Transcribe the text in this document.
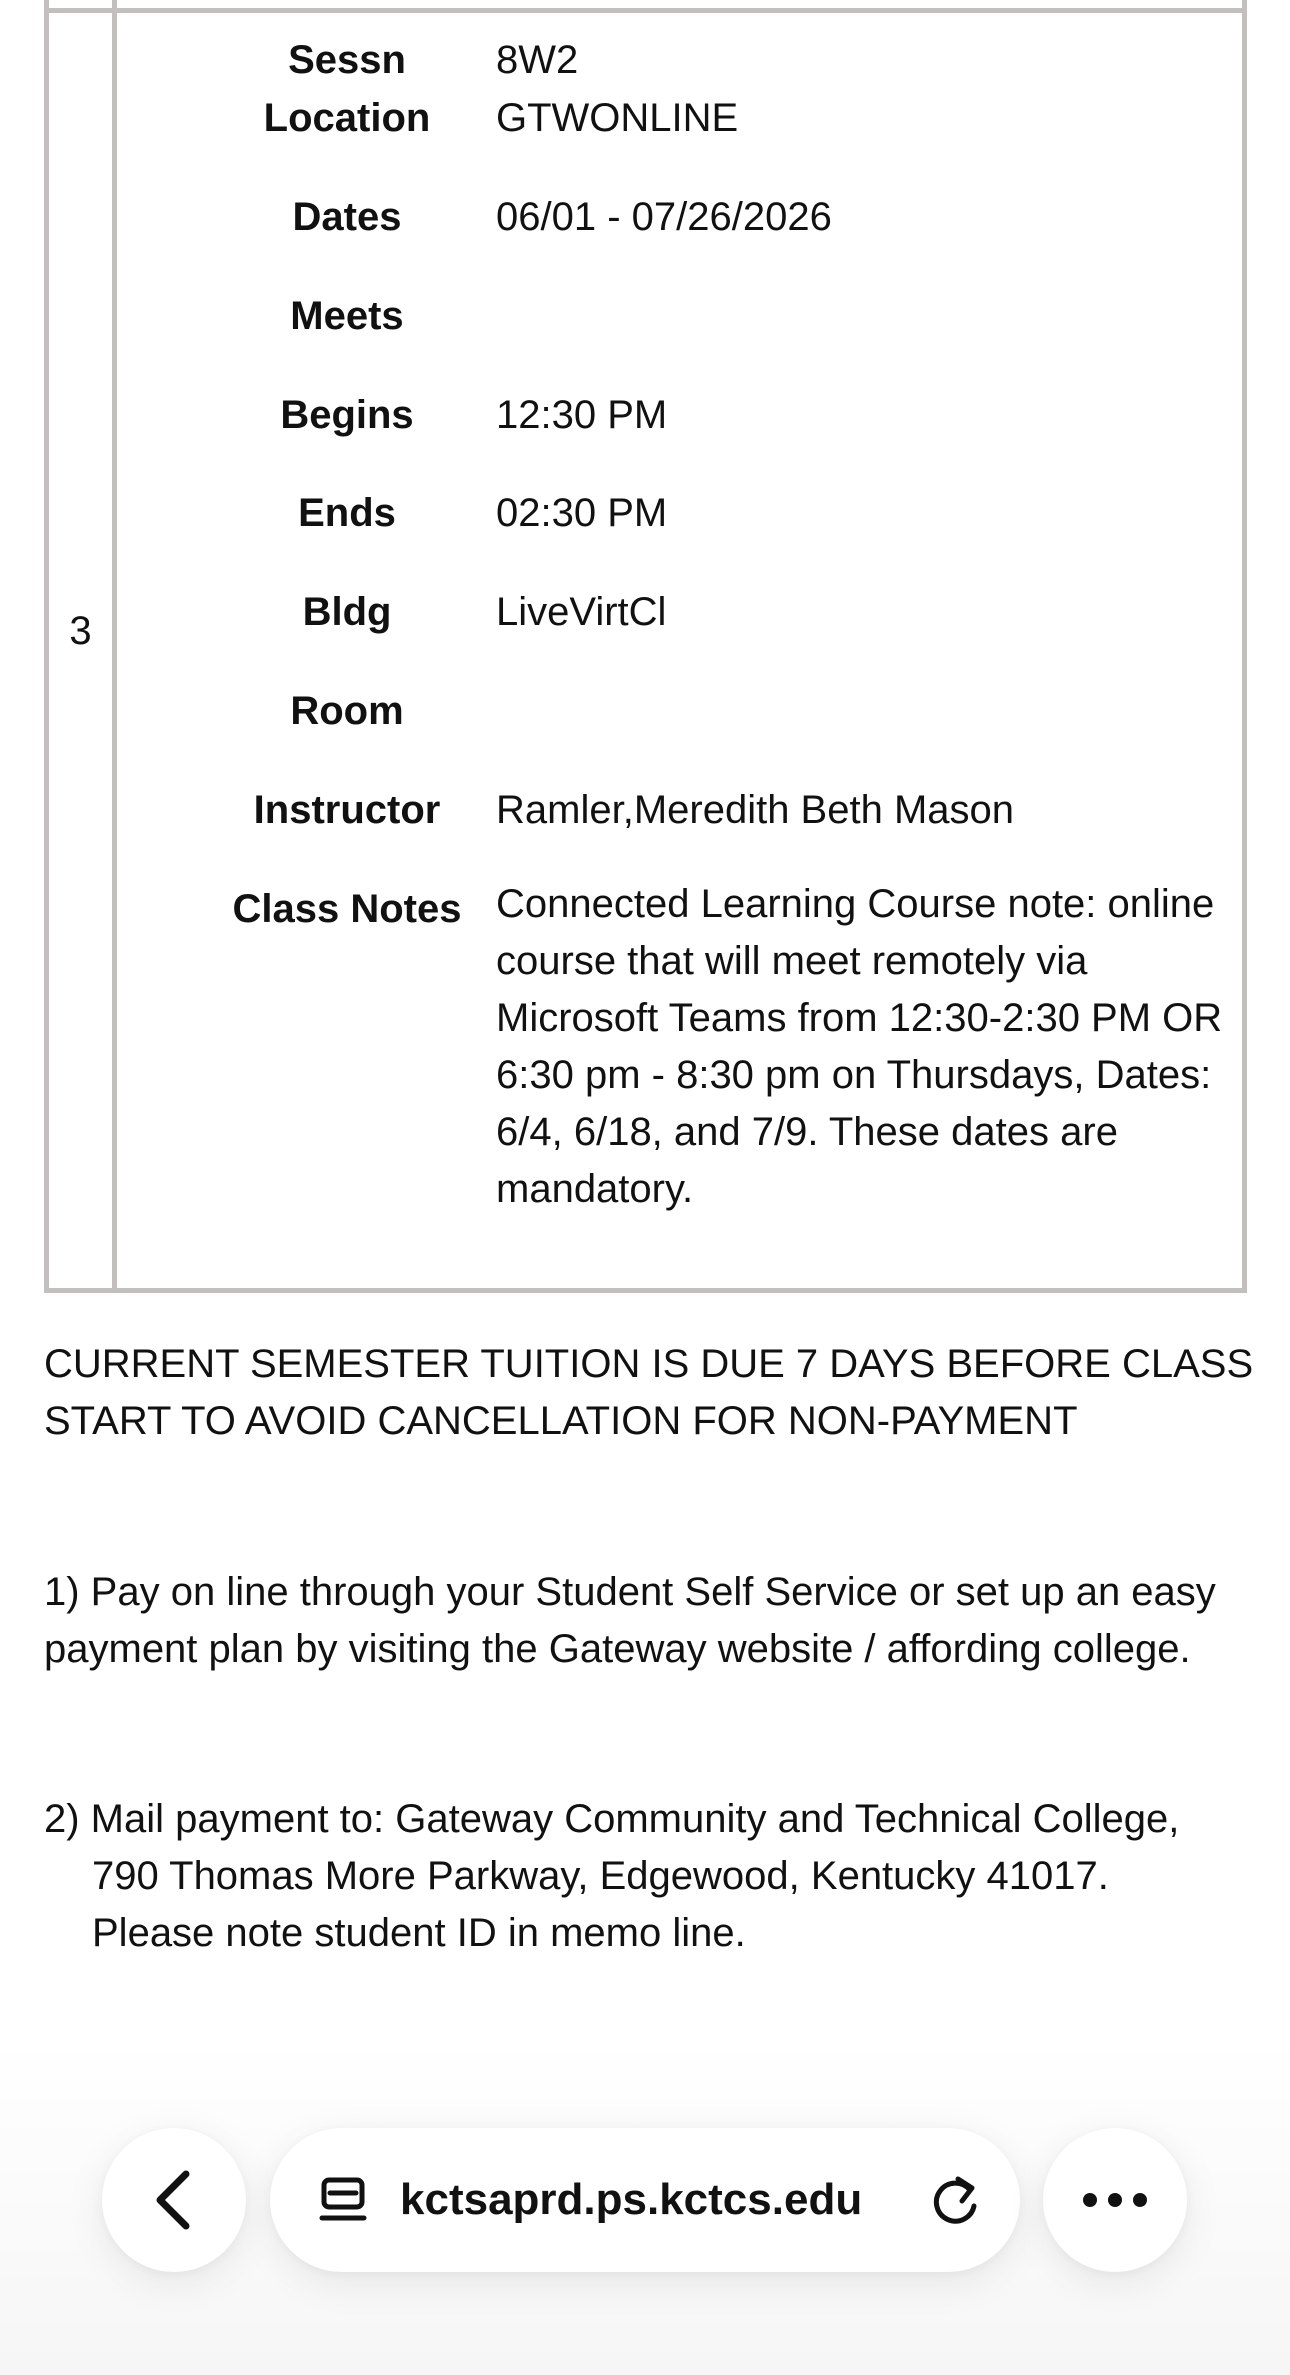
3
Sessn	8W2
Location	GTWONLINE
Dates	06/01 - 07/26/2026
Meets
Begins	12:30 PM
Ends	02:30 PM
Bldg	LiveVirtCl
Room
Instructor	Ramler,Meredith Beth Mason
Class Notes Connected Learning Course note: online course that will meet remotely via Microsoft Teams from 12:30-2:30 PM OR 6:30 pm - 8:30 pm on Thursdays, Dates: 6/4, 6/18, and 7/9. These dates are mandatory.
CURRENT SEMESTER TUITION IS DUE 7 DAYS BEFORE CLASS START TO AVOID CANCELLATION FOR NON-PAYMENT
1) Pay on line through your Student Self Service or set up an easy payment plan by visiting the Gateway website / affording college.
2) Mail payment to: Gateway Community and Technical College,
790 Thomas More Parkway, Edgewood, Kentucky 41017.
Please note student ID in memo line.
kctsaprd.ps.kctcs.edu
